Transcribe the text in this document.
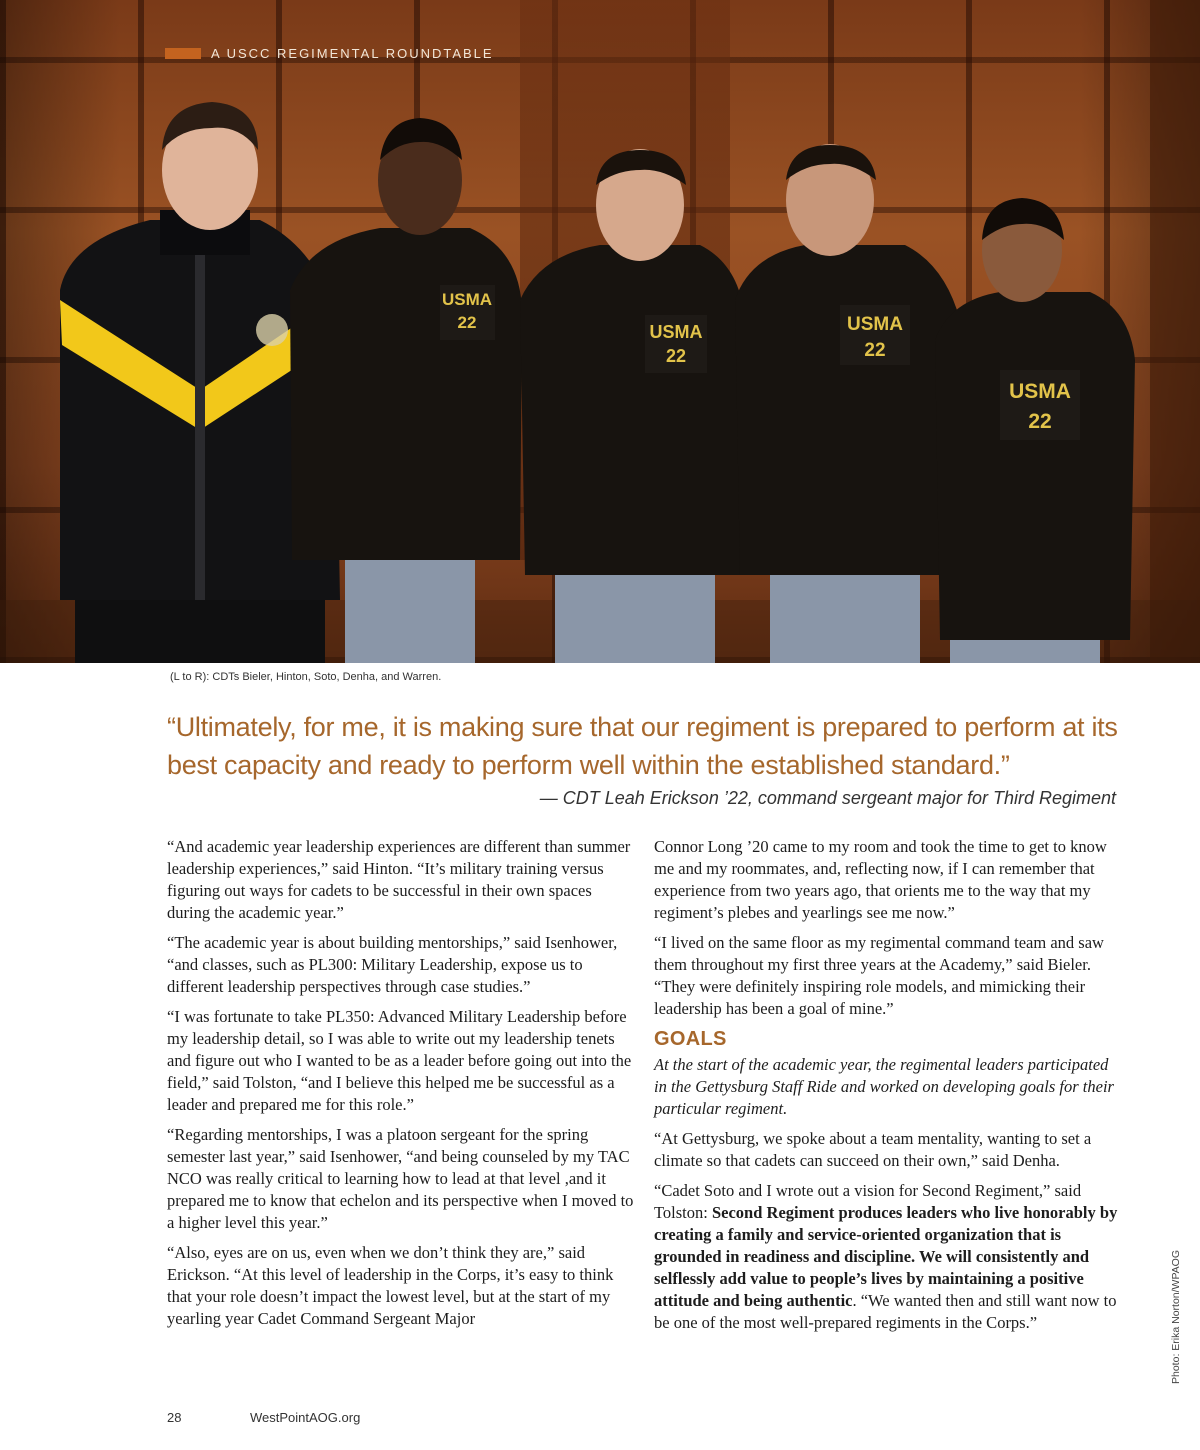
USMA
22	USMA
22
USMA
22
USMA
22
A USCC REGIMENTAL ROUNDTABLE
(L to R): CDTs Bieler, Hinton, Soto, Denha, and Warren.
“Ultimately, for me, it is making sure that our regiment is prepared to perform at its best capacity and ready to perform well within the established standard.”
— CDT Leah Erickson ’22, command sergeant major for Third Regiment

“And academic year leadership experiences are different than summer leadership experiences,” said Hinton. “It’s military training versus figuring out ways for cadets to be successful in their own spaces during the academic year.”

“The academic year is about building mentorships,” said Isenhower, “and classes, such as PL300: Military Leadership, expose us to different leadership perspectives through case studies.”

“I was fortunate to take PL350: Advanced Military Leadership before my leadership detail, so I was able to write out my leadership tenets and figure out who I wanted to be as a leader before going out into the field,” said Tolston, “and I believe this helped me be successful as a leader and prepared me for this role.”

“Regarding mentorships, I was a platoon sergeant for the spring semester last year,” said Isenhower, “and being counseled by my TAC NCO was really critical to learning how to lead at that level ,and it prepared me to know that echelon and its perspective when I moved to a higher level this year.”

“Also, eyes are on us, even when we don’t think they are,” said Erickson. “At this level of leadership in the Corps, it’s easy to think that your role doesn’t impact the lowest level, but at the start of my yearling year Cadet Command Sergeant Major

Connor Long ’20 came to my room and took the time to get to know me and my roommates, and, reflecting now, if I can remember that experience from two years ago, that orients me to the way that my regiment’s plebes and yearlings see me now.”

“I lived on the same floor as my regimental command team and saw them throughout my first three years at the Academy,” said Bieler. “They were definitely inspiring role models, and mimicking their leadership has been a goal of mine.”

GOALS

At the start of the academic year, the regimental leaders participated in the Gettysburg Staff Ride and worked on developing goals for their particular regiment.

“At Gettysburg, we spoke about a team mentality, wanting to set a climate so that cadets can succeed on their own,” said Denha.

“Cadet Soto and I wrote out a vision for Second Regiment,” said Tolston: Second Regiment produces leaders who live honorably by creating a family and service-oriented organization that is grounded in readiness and discipline. We will consistently and selflessly add value to people’s lives by maintaining a positive attitude and being authentic. “We wanted then and still want now to be one of the most well-prepared regiments in the Corps.”

28	WestPointAOG.org
Photo: Erika Norton/WPAOG
